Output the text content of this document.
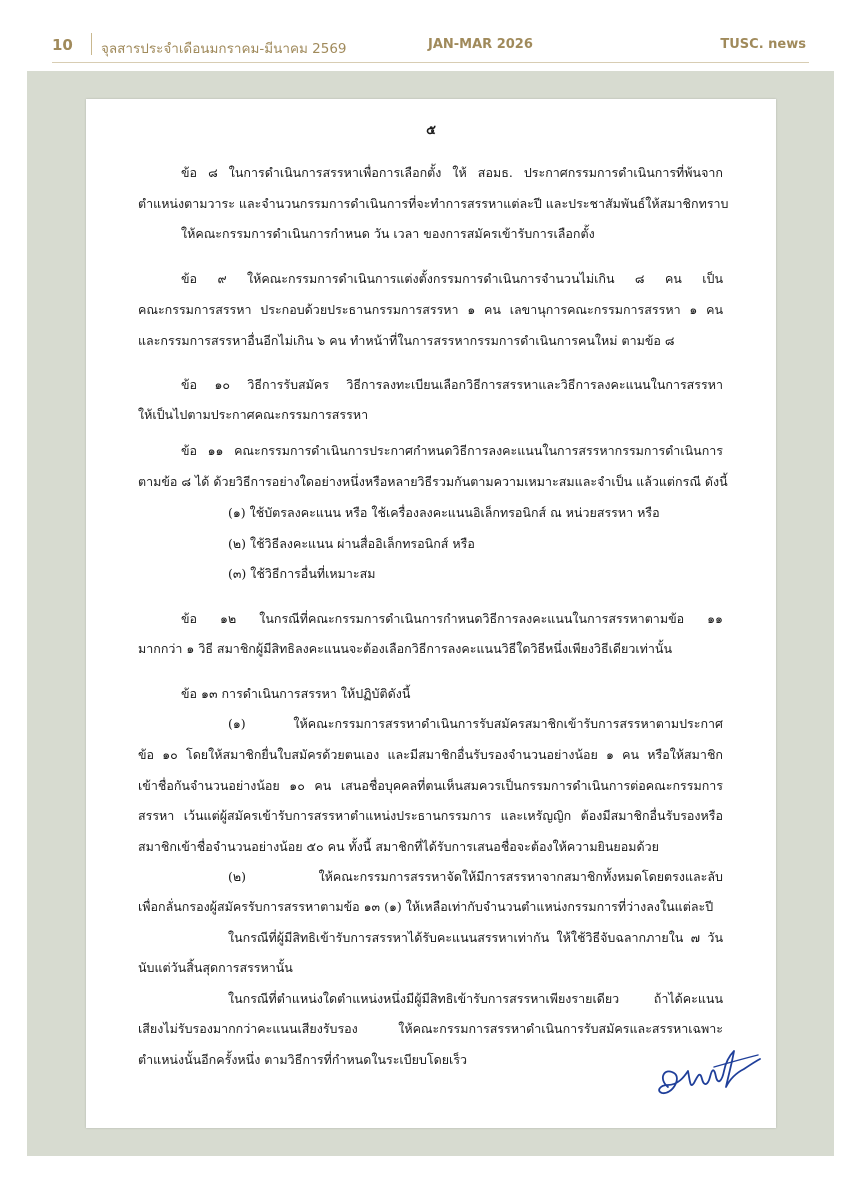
10 จุลสารประจำเดือนมกราคม-มีนาคม 2569	JAN-MAR 2026	TUSC. news
๕
ข้อ ๘ ในการดำเนินการสรรหาเพื่อการเลือกตั้ง ให้ สอมธ. ประกาศกรรมการดำเนินการที่พ้นจาก
ตำแหน่งตามวาระ และจำนวนกรรมการดำเนินการที่จะทำการสรรหาแต่ละปี และประชาสัมพันธ์ให้สมาชิกทราบ
ให้คณะกรรมการดำเนินการกำหนด วัน เวลา ของการสมัครเข้ารับการเลือกตั้ง
ข้อ ๙ ให้คณะกรรมการดำเนินการแต่งตั้งกรรมการดำเนินการจำนวนไม่เกิน ๘ คน เป็น
คณะกรรมการสรรหา ประกอบด้วยประธานกรรมการสรรหา ๑ คน เลขานุการคณะกรรมการสรรหา ๑ คน
และกรรมการสรรหาอื่นอีกไม่เกิน ๖ คน ทำหน้าที่ในการสรรหากรรมการดำเนินการคนใหม่ ตามข้อ ๘
ข้อ ๑๐ วิธีการรับสมัคร วิธีการลงทะเบียนเลือกวิธีการสรรหาและวิธีการลงคะแนนในการสรรหา
ให้เป็นไปตามประกาศคณะกรรมการสรรหา
ข้อ ๑๑ คณะกรรมการดำเนินการประกาศกำหนดวิธีการลงคะแนนในการสรรหากรรมการดำเนินการ
ตามข้อ ๘ ได้ ด้วยวิธีการอย่างใดอย่างหนึ่งหรือหลายวิธีรวมกันตามความเหมาะสมและจำเป็น แล้วแต่กรณี ดังนี้
(๑) ใช้บัตรลงคะแนน หรือ ใช้เครื่องลงคะแนนอิเล็กทรอนิกส์ ณ หน่วยสรรหา หรือ
(๒) ใช้วิธีลงคะแนน ผ่านสื่ออิเล็กทรอนิกส์ หรือ
(๓) ใช้วิธีการอื่นที่เหมาะสม
ข้อ ๑๒ ในกรณีที่คณะกรรมการดำเนินการกำหนดวิธีการลงคะแนนในการสรรหาตามข้อ ๑๑
มากกว่า ๑ วิธี สมาชิกผู้มีสิทธิลงคะแนนจะต้องเลือกวิธีการลงคะแนนวิธีใดวิธีหนึ่งเพียงวิธีเดียวเท่านั้น
ข้อ ๑๓ การดำเนินการสรรหา ให้ปฏิบัติดังนี้
(๑) ให้คณะกรรมการสรรหาดำเนินการรับสมัครสมาชิกเข้ารับการสรรหาตามประกาศ
ข้อ ๑๐ โดยให้สมาชิกยื่นใบสมัครด้วยตนเอง และมีสมาชิกอื่นรับรองจำนวนอย่างน้อย ๑ คน หรือให้สมาชิก
เข้าชื่อกันจำนวนอย่างน้อย ๑๐ คน เสนอชื่อบุคคลที่ตนเห็นสมควรเป็นกรรมการดำเนินการต่อคณะกรรมการ
สรรหา เว้นแต่ผู้สมัครเข้ารับการสรรหาตำแหน่งประธานกรรมการ และเหรัญญิก ต้องมีสมาชิกอื่นรับรองหรือ
สมาชิกเข้าชื่อจำนวนอย่างน้อย ๕๐ คน ทั้งนี้ สมาชิกที่ได้รับการเสนอชื่อจะต้องให้ความยินยอมด้วย
(๒) ให้คณะกรรมการสรรหาจัดให้มีการสรรหาจากสมาชิกทั้งหมดโดยตรงและลับ
เพื่อกลั่นกรองผู้สมัครรับการสรรหาตามข้อ ๑๓ (๑) ให้เหลือเท่ากับจำนวนตำแหน่งกรรมการที่ว่างลงในแต่ละปี
ในกรณีที่ผู้มีสิทธิเข้ารับการสรรหาได้รับคะแนนสรรหาเท่ากัน ให้ใช้วิธีจับฉลากภายใน ๗ วัน
นับแต่วันสิ้นสุดการสรรหานั้น
ในกรณีที่ตำแหน่งใดตำแหน่งหนึ่งมีผู้มีสิทธิเข้ารับการสรรหาเพียงรายเดียว ถ้าได้คะแนน
เสียงไม่รับรองมากกว่าคะแนนเสียงรับรอง ให้คณะกรรมการสรรหาดำเนินการรับสมัครและสรรหาเฉพาะ
ตำแหน่งนั้นอีกครั้งหนึ่ง ตามวิธีการที่กำหนดในระเบียบโดยเร็ว
